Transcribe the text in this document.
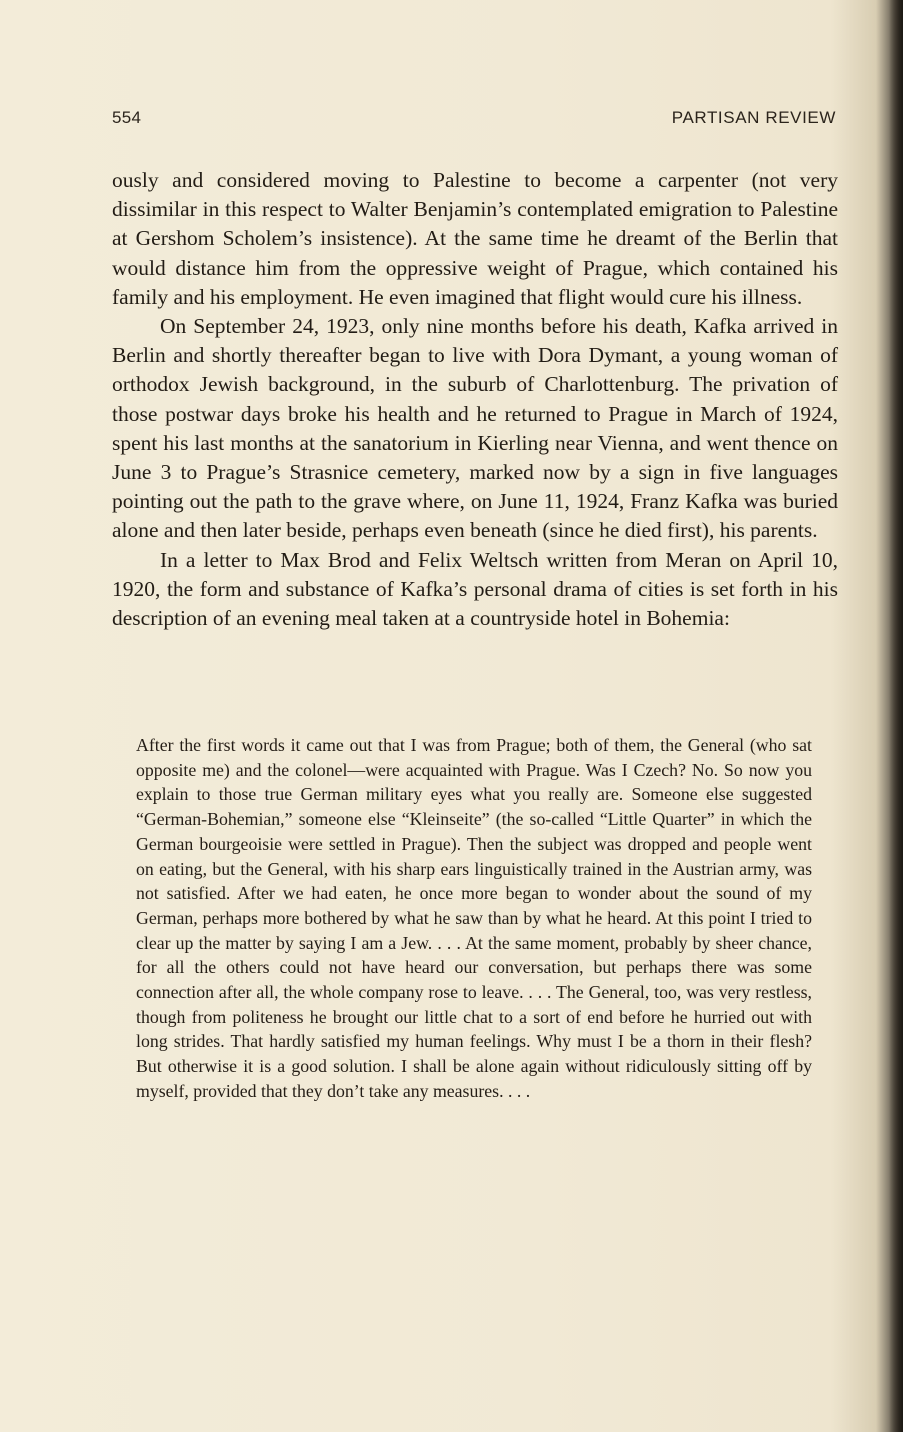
554	PARTISAN REVIEW

ously and considered moving to Palestine to become a carpenter (not very dissimilar in this respect to Walter Benjamin’s contemplated emigration to Palestine at Gershom Scholem’s insistence). At the same time he dreamt of the Berlin that would distance him from the oppressive weight of Prague, which contained his family and his employment. He even imagined that flight would cure his illness.

On September 24, 1923, only nine months before his death, Kafka arrived in Berlin and shortly thereafter began to live with Dora Dymant, a young woman of orthodox Jewish background, in the suburb of Charlottenburg. The privation of those postwar days broke his health and he returned to Prague in March of 1924, spent his last months at the sanatorium in Kierling near Vienna, and went thence on June 3 to Prague’s Strasnice cemetery, marked now by a sign in five languages pointing out the path to the grave where, on June 11, 1924, Franz Kafka was buried alone and then later beside, perhaps even beneath (since he died first), his parents.

In a letter to Max Brod and Felix Weltsch written from Meran on April 10, 1920, the form and substance of Kafka’s personal drama of cities is set forth in his description of an evening meal taken at a countryside hotel in Bohemia:

After the first words it came out that I was from Prague; both of them, the General (who sat opposite me) and the colonel—were acquainted with Prague. Was I Czech? No. So now you explain to those true German military eyes what you really are. Someone else suggested “German-Bohemian,” someone else “Kleinseite” (the so-called “Little Quarter” in which the German bourgeoisie were settled in Prague). Then the subject was dropped and people went on eating, but the General, with his sharp ears linguistically trained in the Austrian army, was not satisfied. After we had eaten, he once more began to wonder about the sound of my German, perhaps more bothered by what he saw than by what he heard. At this point I tried to clear up the matter by saying I am a Jew. . . . At the same moment, probably by sheer chance, for all the others could not have heard our conversation, but perhaps there was some connection after all, the whole company rose to leave. . . . The General, too, was very restless, though from politeness he brought our little chat to a sort of end before he hurried out with long strides. That hardly satisfied my human feelings. Why must I be a thorn in their flesh? But otherwise it is a good solution. I shall be alone again without ridiculously sitting off by myself, provided that they don’t take any measures. . . .
